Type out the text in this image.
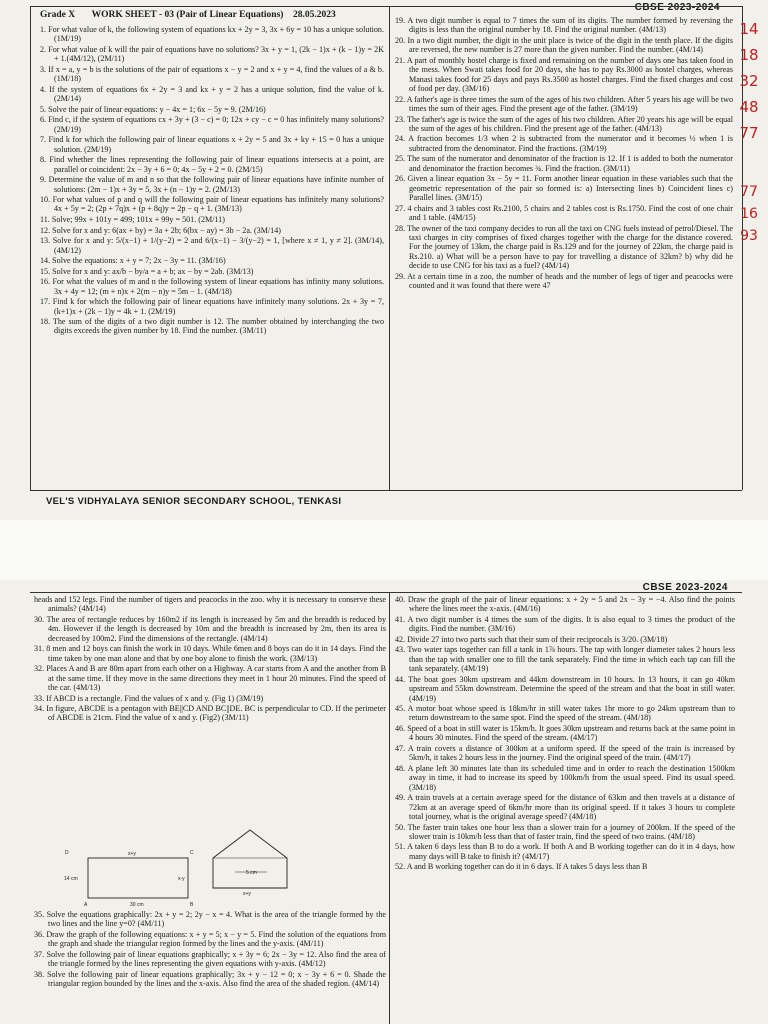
CBSE 2023-2024
Grade X WORK SHEET - 03 (Pair of Linear Equations) 28.05.2023
1. For what value of k, the following system of equations kx + 2y = 3, 3x + 6y = 10 has a unique solution. (1M/19)
2. For what value of k will the pair of equations have no solutions? 3x + y = 1, (2k − 1)x + (k − 1)y = 2K + 1.(4M/12), (2M/11)
3. If x = a, y = b is the solutions of the pair of equations x − y = 2 and x + y = 4, find the values of a & b. (1M/18)
4. If the system of equations 6x + 2y = 3 and kx + y = 2 has a unique solution, find the value of k. (2M/14)
5. Solve the pair of linear equations: y − 4x = 1; 6x − 5y = 9. (2M/16)
6. Find c, if the system of equations cx + 3y + (3 − c) = 0; 12x + cy − c = 0 has infinitely many solutions? (2M/19)
7. Find k for which the following pair of linear equations x + 2y = 5 and 3x + ky + 15 = 0 has a unique solution. (2M/19)
8. Find whether the lines representing the following pair of linear equations intersects at a point, are parallel or coincident: 2x − 3y + 6 = 0; 4x − 5y + 2 = 0. (2M/15)
9. Determine the value of m and n so that the following pair of linear equations have infinite number of solutions: (2m − 1)x + 3y = 5, 3x + (n − 1)y = 2. (2M/13)
10. For what values of p and q will the following pair of linear equations has infinitely many solutions? 4x + 5y = 2; (2p + 7q)x + (p + 8q)y = 2p − q + 1. (3M/13)
11. Solve; 99x + 101y = 499; 101x + 99y = 501. (2M/11)
12. Solve for x and y: 6(ax + by) = 3a + 2b; 6(bx − ay) = 3b − 2a. (3M/14)
13. Solve for x and y: 5/(x−1) + 1/(y−2) = 2 and 6/(x−1) − 3/(y−2) = 1, [where x ≠ 1, y ≠ 2]. (3M/14), (4M/12)
14. Solve the equations: x + y = 7; 2x − 3y = 11. (3M/16)
15. Solve for x and y: ax/b − by/a = a + b; ax − by = 2ab. (3M/13)
16. For what the values of m and n the following system of linear equations has infinity many solutions. 3x + 4y = 12; (m + n)x + 2(m − n)y = 5m − 1. (4M/18)
17. Find k for which the following pair of linear equations have infinitely many solutions. 2x + 3y = 7, (k+1)x + (2k − 1)y = 4k + 1. (2M/19)
18. The sum of the digits of a two digit number is 12. The number obtained by interchanging the two digits exceeds the given number by 18. Find the number. (3M/11)
19. A two digit number is equal to 7 times the sum of its digits. The number formed by reversing the digits is less than the original number by 18. Find the original number. (4M/13)
20. In a two digit number, the digit in the unit place is twice of the digit in the tenth place. If the digits are reversed, the new number is 27 more than the given number. Find the number. (4M/14)
21. A part of monthly hostel charge is fixed and remaining on the number of days one has taken food in the mess. When Swati takes food for 20 days, she has to pay Rs.3000 as hostel charges, whereas Manasi takes food for 25 days and pays Rs.3500 as hostel charges. Find the fixed charges and cost of food per day. (3M/16)
22. A father's age is three times the sum of the ages of his two children. After 5 years his age will be two times the sum of their ages. Find the present age of the father. (3M/19)
23. The father's age is twice the sum of the ages of his two children. After 20 years his age will be equal the sum of the ages of his children. Find the present age of the father. (4M/13)
24. A fraction becomes 1/3 when 2 is subtracted from the numerator and it becomes ½ when 1 is subtracted from the denominator. Find the fractions. (3M/19)
25. The sum of the numerator and denominator of the fraction is 12. If 1 is added to both the numerator and denominator the fraction becomes ¾. Find the fraction. (3M/11)
26. Given a linear equation 3x − 5y = 11. Form another linear equation in these variables such that the geometric representation of the pair so formed is: a) Intersecting lines b) Coincident lines c) Parallel lines. (3M/15)
27. 4 chairs and 3 tables cost Rs.2100, 5 chairs and 2 tables cost is Rs.1750. Find the cost of one chair and 1 table. (4M/15)
28. The owner of the taxi company decides to run all the taxi on CNG fuels instead of petrol/Diesel. The taxi charges in city comprises of fixed charges together with the charge for the distance covered. For the journey of 13km, the charge paid is Rs.129 and for the journey of 22km, the charge paid is Rs.210. a) What will be a person have to pay for travelling a distance of 32km? b) why did he decide to use CNG for his taxi as a fuel? (4M/14)
29. At a certain time in a zoo, the number of heads and the number of legs of tiger and peacocks were counted and it was found that there were 47
VEL'S VIDHYALAYA SENIOR SECONDARY SCHOOL, TENKASI
14
18
32
48
77
77
16
93
CBSE 2023-2024
heads and 152 legs. Find the number of tigers and peacocks in the zoo. why it is necessary to conserve these animals? (4M/14)
30. The area of rectangle reduces by 160m2 if its length is increased by 5m and the breadth is reduced by 4m. However if the length is decreased by 10m and the breadth is increased by 2m, then its area is decreased by 100m2. Find the dimensions of the rectangle. (4M/14)
31. 8 men and 12 boys can finish the work in 10 days. While 6men and 8 boys can do it in 14 days. Find the time taken by one man alone and that by one boy alone to finish the work. (3M/13)
32. Places A and B are 80m apart from each other on a Highway. A car starts from A and the another from B at the same time. If they move in the same directions they meet in 1 hour 20 minutes. Find the speed of the car. (4M/13)
33. If ABCD is a rectangle. Find the values of x and y. (Fig 1) (3M/19)
34. In figure, ABCDE is a pentagon with BE||CD AND BC||DE. BC is perpendicular to CD. If the perimeter of ABCDE is 21cm. Find the value of x and y. (Fig2) (3M/11)
D	C
A	B
x+y
14 cm	x-y
30 cm
5 cm
x+y
35. Solve the equations graphically: 2x + y = 2; 2y − x = 4. What is the area of the triangle formed by the two lines and the line y=0? (4M/11)
36. Draw the graph of the following equations: x + y = 5; x − y = 5. Find the solution of the equations from the graph and shade the triangular region formed by the lines and the y-axis. (4M/11)
37. Solve the following pair of linear equations graphically; x + 3y = 6; 2x − 3y = 12. Also find the area of the triangle formed by the lines representing the given equations with y-axis. (4M/12)
38. Solve the following pair of linear equations graphically; 3x + y − 12 = 0; x − 3y + 6 = 0. Shade the triangular region bounded by the lines and the x-axis. Also find the area of the shaded region. (4M/14)
40. Draw the graph of the pair of linear equations: x + 2y = 5 and 2x − 3y = −4. Also find the points where the lines meet the x-axis. (4M/16)
41. A two digit number is 4 times the sum of the digits. It is also equal to 3 times the product of the digits. Find the number. (3M/16)
42. Divide 27 into two parts such that their sum of their reciprocals is 3/20. (3M/18)
43. Two water taps together can fill a tank in 1⅞ hours. The tap with longer diameter takes 2 hours less than the tap with smaller one to fill the tank separately. Find the time in which each tap can fill the tank separately. (4M/19)
44. The boat goes 30km upstream and 44km downstream in 10 hours. In 13 hours, it can go 40km upstream and 55km downstream. Determine the speed of the stream and that the boat in still water. (4M/19)
45. A motor boat whose speed is 18km/hr in still water takes 1hr more to go 24km upstream than to return downstream to the same spot. Find the speed of the stream. (4M/18)
46. Speed of a boat in still water is 15km/h. It goes 30km upstream and returns back at the same point in 4 hours 30 minutes. Find the speed of the stream. (4M/17)
47. A train covers a distance of 300km at a uniform speed. If the speed of the train is increased by 5km/h, it takes 2 hours less in the journey. Find the original speed of the train. (4M/17)
48. A plane left 30 minutes late than its scheduled time and in order to reach the destination 1500km away in time, it had to increase its speed by 100km/h from the usual speed. Find its usual speed. (3M/18)
49. A train travels at a certain average speed for the distance of 63km and then travels at a distance of 72km at an average speed of 6km/hr more than its original speed. If it takes 3 hours to complete total journey, what is the original average speed? (4M/18)
50. The faster train takes one hour less than a slower train for a journey of 200km. If the speed of the slower train is 10km/h less than that of faster train, find the speed of two trains. (4M/18)
51. A taken 6 days less than B to do a work. If both A and B working together can do it in 4 days, how many days will B take to finish it? (4M/17)
52. A and B working together can do it in 6 days. If A takes 5 days less than B
